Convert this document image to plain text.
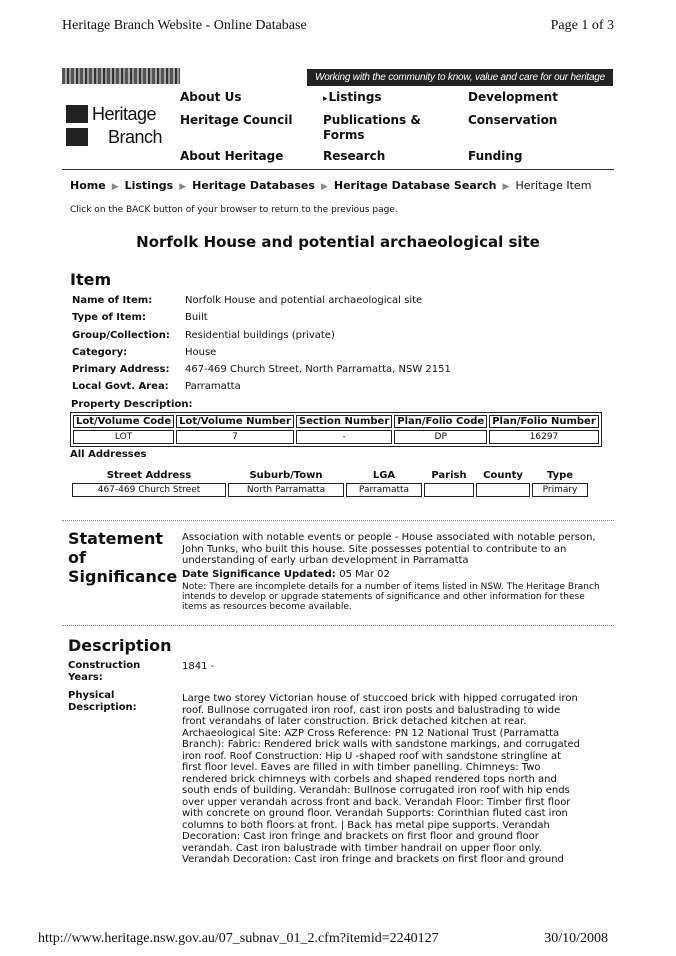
Heritage Branch Website - Online Database	Page 1 of 3
Working with the community to know, value and care for our heritage
Heritage
Branch
About Us
Heritage Council
About Heritage
▸ Listings
Publications & Forms
Research
Development
Conservation
Funding
Home ▶ Listings ▶ Heritage Databases ▶ Heritage Database Search ▶ Heritage Item
Click on the BACK button of your browser to return to the previous page.
Norfolk House and potential archaeological site
Item
Name of Item:	Norfolk House and potential archaeological site
Type of Item:	Built
Group/Collection: Residential buildings (private)
Category:	House
Primary Address: 467-469 Church Street, North Parramatta, NSW 2151
Local Govt. Area: Parramatta
Property Description:
Lot/Volume Code	Lot/Volume Number	Section Number	Plan/Folio Code	Plan/Folio Number
LOT	7	-	DP	16297
All Addresses
Street Address	Suburb/Town	LGA	Parish	County	Type
467-469 Church Street	North Parramatta	Parramatta			Primary
Statement
of
Significance
Association with notable events or people - House associated with notable person, John Tunks, who built this house. Site possesses potential to contribute to an understanding of early urban development in Parramatta
Date Significance Updated: 05 Mar 02
Note: There are incomplete details for a number of items listed in NSW. The Heritage Branch intends to develop or upgrade statements of significance and other information for these items as resources become available.
Description
Construction Years:
1841 -
Physical Description:
Large two storey Victorian house of stuccoed brick with hipped corrugated iron
roof. Bullnose corrugated iron roof, cast iron posts and balustrading to wide
front verandahs of later construction. Brick detached kitchen at rear.
Archaeological Site: AZP Cross Reference: PN 12 National Trust (Parramatta
Branch): Fabric: Rendered brick walls with sandstone markings, and corrugated
iron roof. Roof Construction: Hip U -shaped roof with sandstone stringline at
first floor level. Eaves are filled in with timber panelling. Chimneys: Two
rendered brick chimneys with corbels and shaped rendered tops north and
south ends of building. Verandah: Bullnose corrugated iron roof with hip ends
over upper verandah across front and back. Verandah Floor: Timber first floor
with concrete on ground floor. Verandah Supports: Corinthian fluted cast iron
columns to both floors at front. | Back has metal pipe supports. Verandah
Decoration: Cast iron fringe and brackets on first floor and ground floor
verandah. Cast iron balustrade with timber handrail on upper floor only.
Verandah Decoration: Cast iron fringe and brackets on first floor and ground
http://www.heritage.nsw.gov.au/07_subnav_01_2.cfm?itemid=2240127	30/10/2008
